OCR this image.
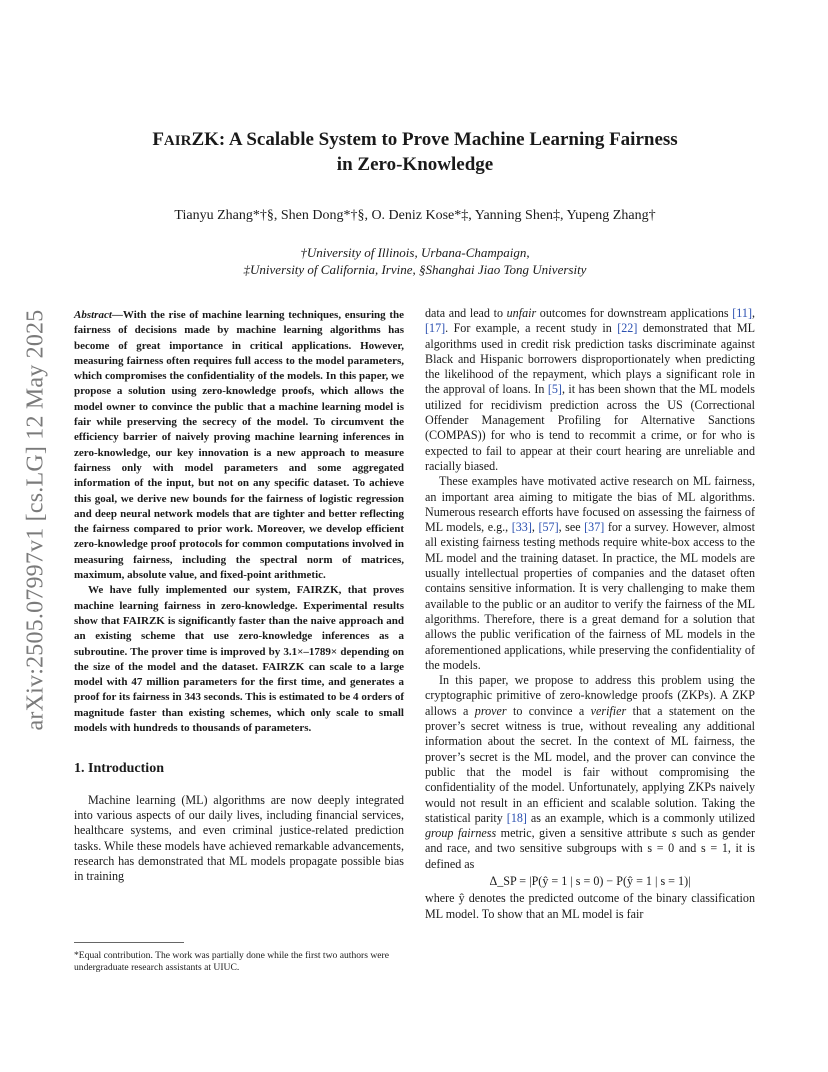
arXiv:2505.07997v1 [cs.LG] 12 May 2025
FAIRZK: A Scalable System to Prove Machine Learning Fairness
in Zero-Knowledge
Tianyu Zhang*†§, Shen Dong*†§, O. Deniz Kose*‡, Yanning Shen‡, Yupeng Zhang†
†University of Illinois, Urbana-Champaign,
‡University of California, Irvine, §Shanghai Jiao Tong University

Abstract—With the rise of machine learning techniques, ensuring the fairness of decisions made by machine learning algorithms has become of great importance in critical applications. However, measuring fairness often requires full access to the model parameters, which compromises the confidentiality of the models. In this paper, we propose a solution using zero-knowledge proofs, which allows the model owner to convince the public that a machine learning model is fair while preserving the secrecy of the model. To circumvent the efficiency barrier of naively proving machine learning inferences in zero-knowledge, our key innovation is a new approach to measure fairness only with model parameters and some aggregated information of the input, but not on any specific dataset. To achieve this goal, we derive new bounds for the fairness of logistic regression and deep neural network models that are tighter and better reflecting the fairness compared to prior work. Moreover, we develop efficient zero-knowledge proof protocols for common computations involved in measuring fairness, including the spectral norm of matrices, maximum, absolute value, and fixed-point arithmetic.

We have fully implemented our system, FAIRZK, that proves machine learning fairness in zero-knowledge. Experimental results show that FAIRZK is significantly faster than the naive approach and an existing scheme that use zero-knowledge inferences as a subroutine. The prover time is improved by 3.1×–1789× depending on the size of the model and the dataset. FAIRZK can scale to a large model with 47 million parameters for the first time, and generates a proof for its fairness in 343 seconds. This is estimated to be 4 orders of magnitude faster than existing schemes, which only scale to small models with hundreds to thousands of parameters.

1. Introduction

Machine learning (ML) algorithms are now deeply integrated into various aspects of our daily lives, including financial services, healthcare systems, and even criminal justice-related prediction tasks. While these models have achieved remarkable advancements, research has demonstrated that ML models propagate possible bias in training

*Equal contribution. The work was partially done while the first two authors were undergraduate research assistants at UIUC.

data and lead to unfair outcomes for downstream applications [11], [17]. For example, a recent study in [22] demonstrated that ML algorithms used in credit risk prediction tasks discriminate against Black and Hispanic borrowers disproportionately when predicting the likelihood of the repayment, which plays a significant role in the approval of loans. In [5], it has been shown that the ML models utilized for recidivism prediction across the US (Correctional Offender Management Profiling for Alternative Sanctions (COMPAS)) for who is tend to recommit a crime, or for who is expected to fail to appear at their court hearing are unreliable and racially biased.

These examples have motivated active research on ML fairness, an important area aiming to mitigate the bias of ML algorithms. Numerous research efforts have focused on assessing the fairness of ML models, e.g., [33], [57], see [37] for a survey. However, almost all existing fairness testing methods require white-box access to the ML model and the training dataset. In practice, the ML models are usually intellectual properties of companies and the dataset often contains sensitive information. It is very challenging to make them available to the public or an auditor to verify the fairness of the ML algorithms. Therefore, there is a great demand for a solution that allows the public verification of the fairness of ML models in the aforementioned applications, while preserving the confidentiality of the models.

In this paper, we propose to address this problem using the cryptographic primitive of zero-knowledge proofs (ZKPs). A ZKP allows a prover to convince a verifier that a statement on the prover’s secret witness is true, without revealing any additional information about the secret. In the context of ML fairness, the prover’s secret is the ML model, and the prover can convince the public that the model is fair without compromising the confidentiality of the model. Unfortunately, applying ZKPs naively would not result in an efficient and scalable solution. Taking the statistical parity [18] as an example, which is a commonly utilized group fairness metric, given a sensitive attribute s such as gender and race, and two sensitive subgroups with s = 0 and s = 1, it is defined as

Δ_SP = |P(ŷ = 1 | s = 0) − P(ŷ = 1 | s = 1)|

where ŷ denotes the predicted outcome of the binary classification ML model. To show that an ML model is fair
